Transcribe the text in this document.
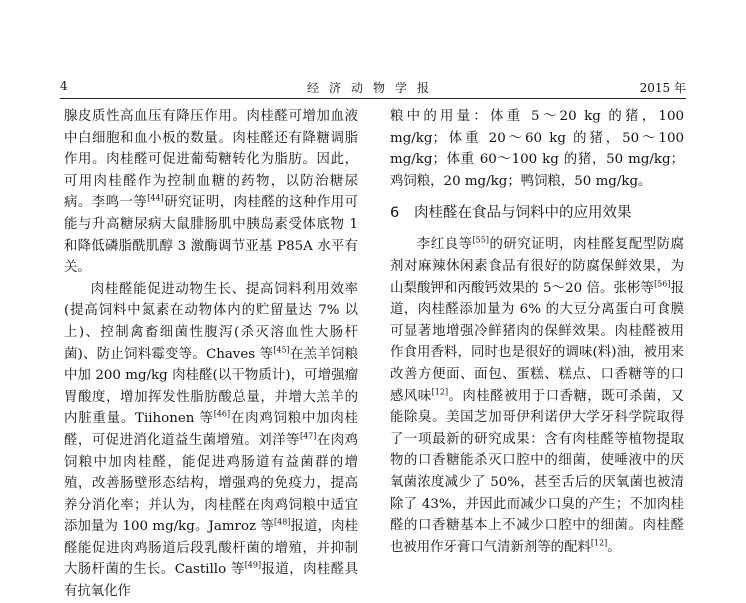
4	经济动物学报	2015 年

腺皮质性高血压有降压作用。肉桂醛可增加血液中白细胞和血小板的数量。肉桂醛还有降糖调脂作用。肉桂醛可促进葡萄糖转化为脂肪。因此，可用肉桂醛作为控制血糖的药物，以防治糖尿病。李鸣一等[44]研究证明，肉桂醛的这种作用可能与升高糖尿病大鼠腓肠肌中胰岛素受体底物 1 和降低磷脂酰肌醇 3 激酶调节亚基 P85A 水平有关。

肉桂醛能促进动物生长、提高饲料利用效率(提高饲料中氮素在动物体内的贮留量达 7% 以上)、控制禽畜细菌性腹泻(杀灭溶血性大肠杆菌)、防止饲料霉变等。Chaves 等[45]在羔羊饲粮中加 200 mg/kg 肉桂醛(以干物质计)，可增强瘤胃酸度，增加挥发性脂肪酸总量，并增大羔羊的内脏重量。Tiihonen 等[46]在肉鸡饲粮中加肉桂醛，可促进消化道益生菌增殖。刘洋等[47]在肉鸡饲粮中加肉桂醛，能促进鸡肠道有益菌群的增殖，改善肠壁形态结构，增强鸡的免疫力，提高养分消化率；并认为，肉桂醛在肉鸡饲粮中适宜添加量为 100 mg/kg。Jamroz 等[48]报道，肉桂醛能促进肉鸡肠道后段乳酸杆菌的增殖，并抑制大肠杆菌的生长。Castillo 等[49]报道，肉桂醛具有抗氧化作

粮中的用量：体重 5～20 kg 的猪，100 mg/kg；体重 20～60 kg 的猪，50～100 mg/kg；体重 60～100 kg 的猪，50 mg/kg；鸡饲粮，20 mg/kg；鸭饲粮，50 mg/kg。

6 肉桂醛在食品与饲料中的应用效果

李红良等[55]的研究证明，肉桂醛复配型防腐剂对麻辣休闲素食品有很好的防腐保鲜效果，为山梨酸钾和丙酸钙效果的 5～20 倍。张彬等[56]报道，肉桂醛添加量为 6% 的大豆分离蛋白可食膜可显著地增强冷鲜猪肉的保鲜效果。肉桂醛被用作食用香料，同时也是很好的调味(料)油，被用来改善方便面、面包、蛋糕、糕点、口香糖等的口感风味[12]。肉桂醛被用于口香糖，既可杀菌，又能除臭。美国芝加哥伊利诺伊大学牙科学院取得了一项最新的研究成果：含有肉桂醛等植物提取物的口香糖能杀灭口腔中的细菌，使唾液中的厌氧菌浓度减少了 50%，甚至舌后的厌氧菌也被清除了 43%，并因此而减少口臭的产生；不加肉桂醛的口香糖基本上不减少口腔中的细菌。肉桂醛也被用作牙膏口气清新剂等的配料[12]。
